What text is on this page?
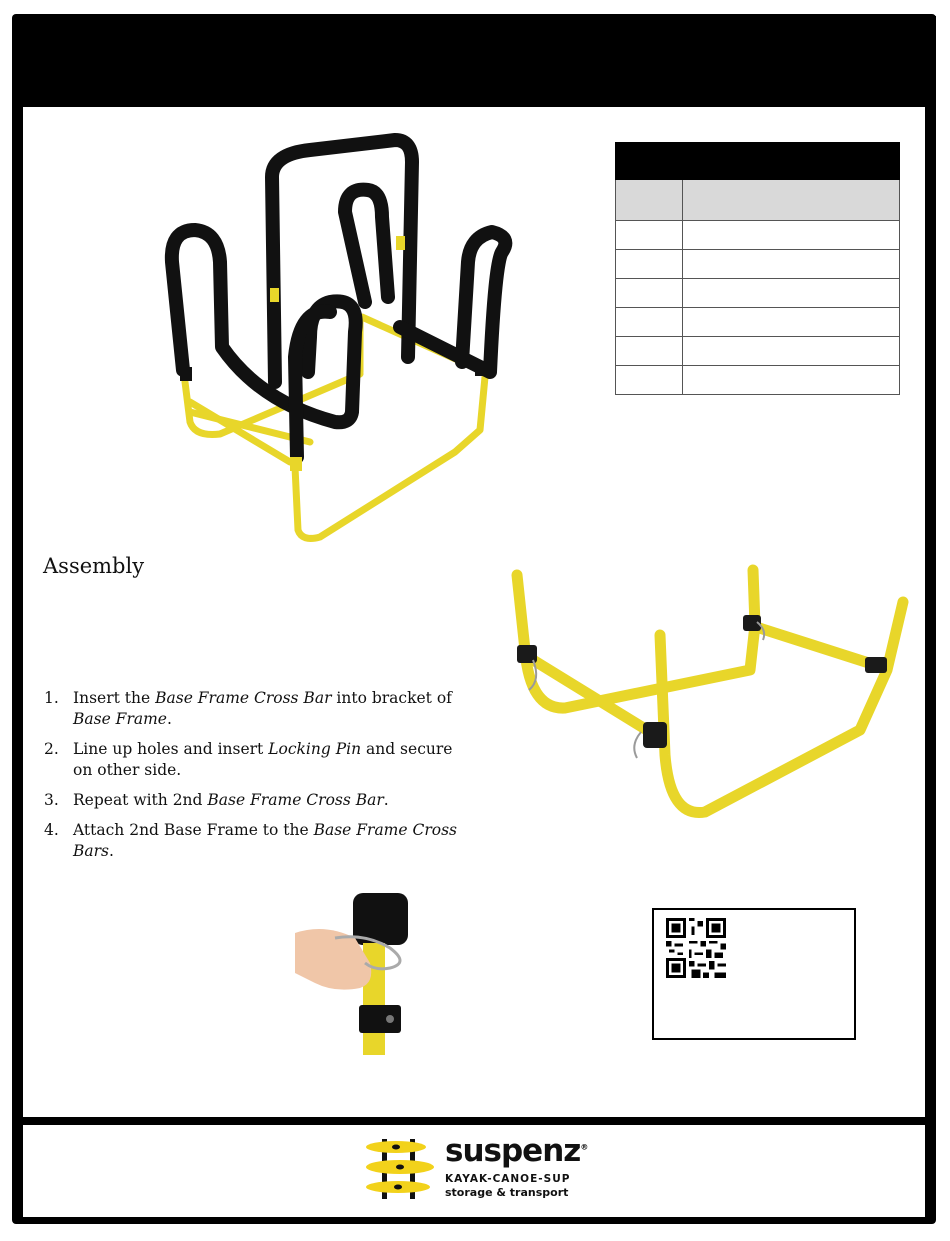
Assembly
1. Insert the Base Frame Cross Bar into bracket of Base Frame.
2. Line up holes and insert Locking Pin and secure on other side.
3. Repeat with 2nd Base Frame Cross Bar.
4. Attach 2nd Base Frame to the Base Frame Cross Bars.
suspenz®
KAYAK-CANOE-SUP
storage & transport
